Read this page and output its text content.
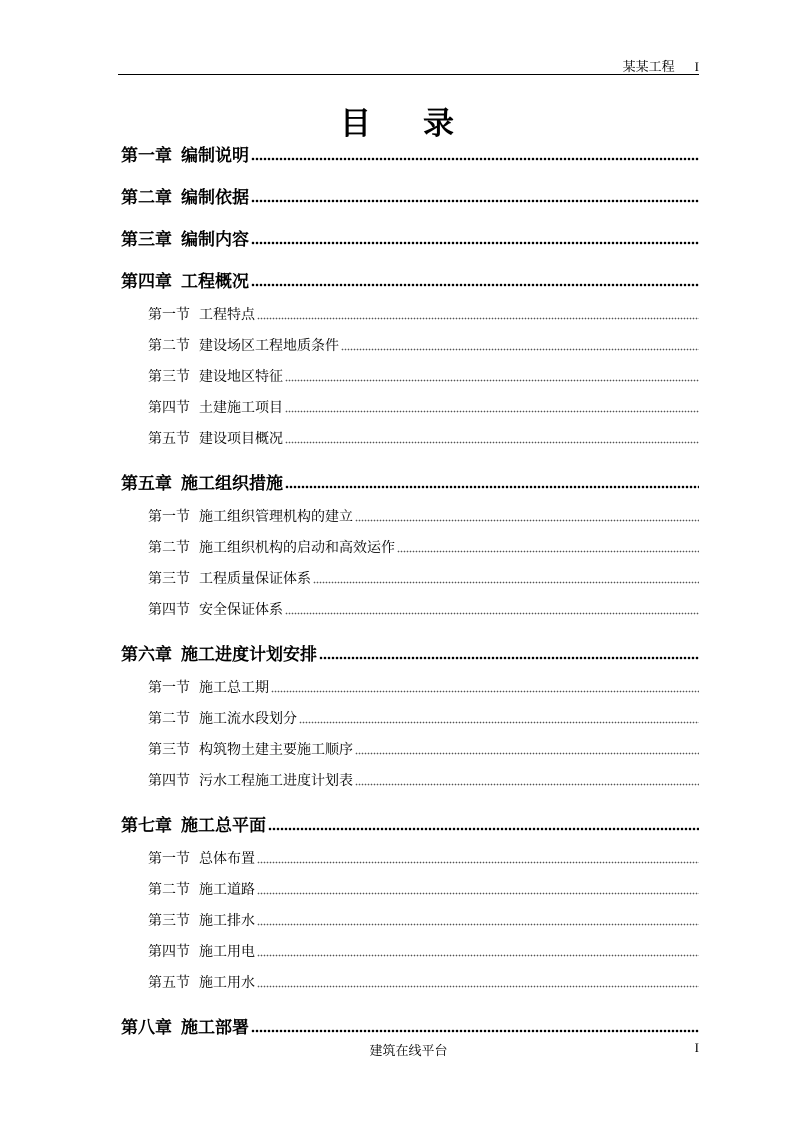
某某工程 I
目录
第一章 编制说明
第二章 编制依据
第三章 编制内容
第四章 工程概况
第一节 工程特点
第二节 建设场区工程地质条件
第三节 建设地区特征
第四节 土建施工项目
第五节 建设项目概况
第五章 施工组织措施
第一节 施工组织管理机构的建立
第二节 施工组织机构的启动和高效运作
第三节 工程质量保证体系
第四节 安全保证体系
第六章 施工进度计划安排
第一节 施工总工期
第二节 施工流水段划分
第三节 构筑物土建主要施工顺序
第四节 污水工程施工进度计划表
第七章 施工总平面
第一节 总体布置
第二节 施工道路
第三节 施工排水
第四节 施工用电
第五节 施工用水
第八章 施工部署
建筑在线平台	I
